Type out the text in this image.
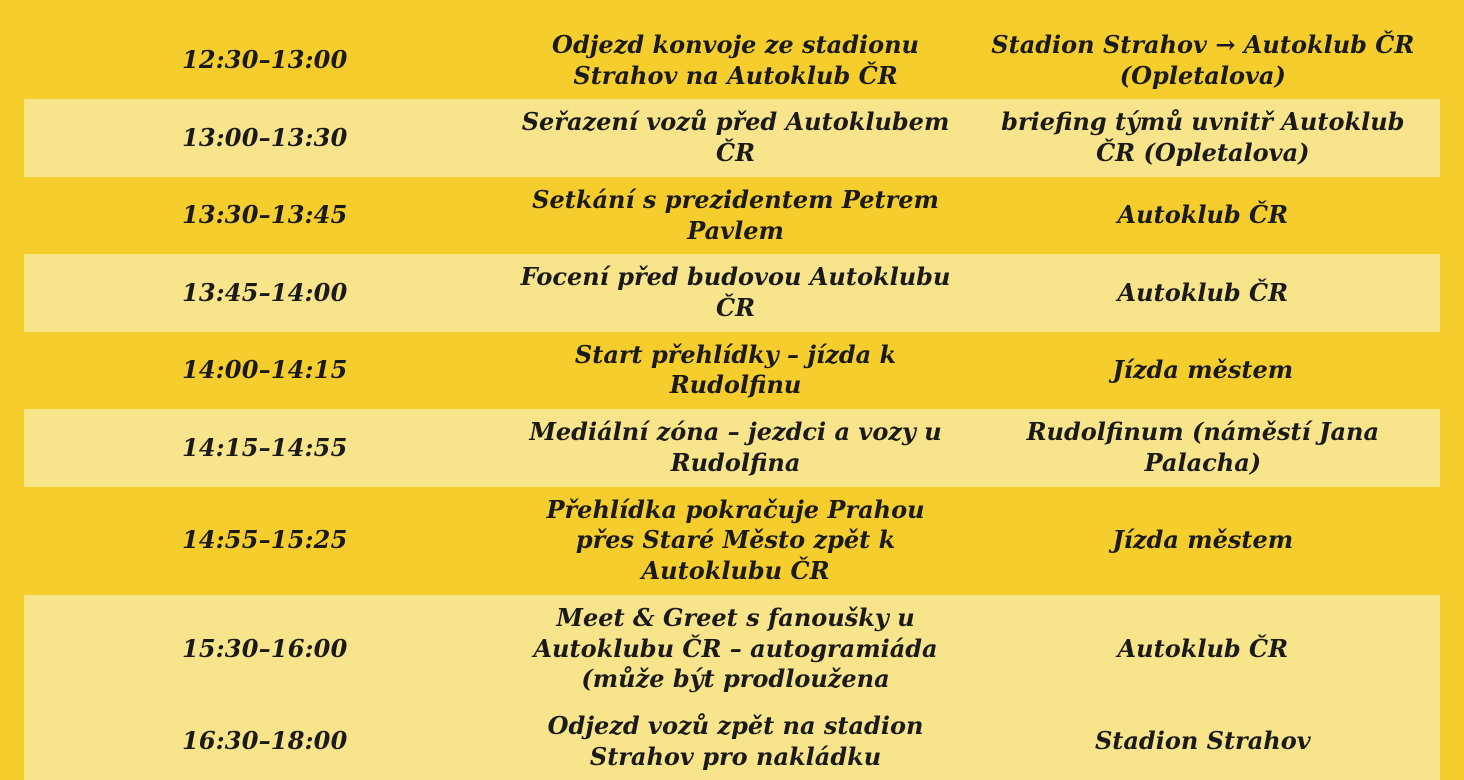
12:30–13:00	Odjezd konvoje ze stadionu Strahov na Autoklub ČR	Stadion Strahov → Autoklub ČR (Opletalova)
13:00–13:30	Seřazení vozů před Autoklubem ČR	briefing týmů uvnitř Autoklub ČR (Opletalova)
13:30–13:45	Setkání s prezidentem Petrem Pavlem	Autoklub ČR
13:45–14:00	Focení před budovou Autoklubu ČR	Autoklub ČR
14:00–14:15	Start přehlídky – jízda k Rudolfinu	Jízda městem
14:15–14:55	Mediální zóna – jezdci a vozy u Rudolfina	Rudolfinum (náměstí Jana Palacha)
14:55–15:25	Přehlídka pokračuje Prahou přes Staré Město zpět k Autoklubu ČR	Jízda městem
15:30–16:00	Meet & Greet s fanoušky u Autoklubu ČR – autogramiáda (může být prodloužena	Autoklub ČR
16:30–18:00	Odjezd vozů zpět na stadion Strahov pro nakládku	Stadion Strahov
